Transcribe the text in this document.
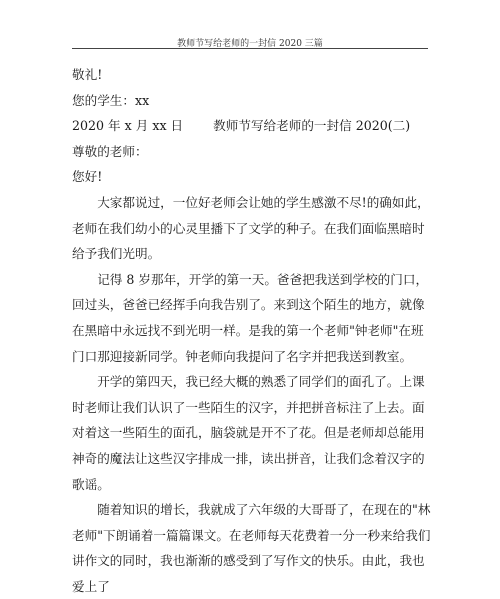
教师节写给老师的一封信 2020 三篇

敬礼!

您的学生：xx

2020 年 x 月 xx 日 教师节写给老师的一封信 2020(二)

尊敬的老师：

您好!

大家都说过，一位好老师会让她的学生感激不尽!的确如此，老师在我们幼小的心灵里播下了文学的种子。在我们面临黑暗时给予我们光明。

记得 8 岁那年，开学的第一天。爸爸把我送到学校的门口，回过头，爸爸已经挥手向我告别了。来到这个陌生的地方，就像在黑暗中永远找不到光明一样。是我的第一个老师"钟老师"在班门口那迎接新同学。钟老师向我提问了名字并把我送到教室。

开学的第四天，我已经大概的熟悉了同学们的面孔了。上课时老师让我们认识了一些陌生的汉字，并把拼音标注了上去。面对着这一些陌生的面孔，脑袋就是开不了花。但是老师却总能用神奇的魔法让这些汉字排成一排，读出拼音，让我们念着汉字的歌谣。

随着知识的增长，我就成了六年级的大哥哥了，在现在的"林老师"下朗诵着一篇篇课文。在老师每天花费着一分一秒来给我们讲作文的同时，我也渐渐的感受到了写作文的快乐。由此，我也爱上了
